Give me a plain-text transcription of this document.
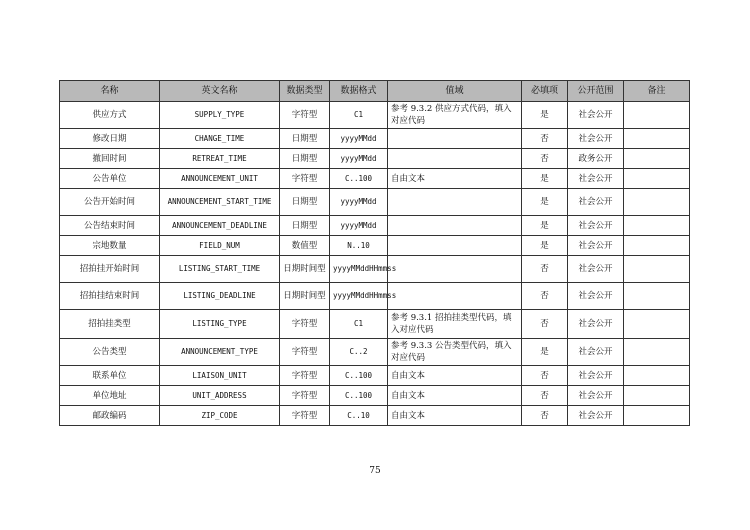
名称	英文名称	数据类型	数据格式	值域	必填项	公开范围	备注
供应方式	SUPPLY_TYPE	字符型	C1	参考 9.3.2 供应方式代码，填入对应代码	是	社会公开	
修改日期	CHANGE_TIME	日期型	yyyyMMdd		否	社会公开	
撤回时间	RETREAT_TIME	日期型	yyyyMMdd		否	政务公开	
公告单位	ANNOUNCEMENT_UNIT	字符型	C..100	自由文本	是	社会公开	
公告开始时间	ANNOUNCEMENT_START_TIME	日期型	yyyyMMdd		是	社会公开	
公告结束时间	ANNOUNCEMENT_DEADLINE	日期型	yyyyMMdd		是	社会公开	
宗地数量	FIELD_NUM	数值型	N..10		是	社会公开	
招拍挂开始时间	LISTING_START_TIME	日期时间型	yyyyMMddHHmmss		否	社会公开	
招拍挂结束时间	LISTING_DEADLINE	日期时间型	yyyyMMddHHmmss		否	社会公开	
招拍挂类型	LISTING_TYPE	字符型	C1	参考 9.3.1 招拍挂类型代码，填入对应代码	否	社会公开	
公告类型	ANNOUNCEMENT_TYPE	字符型	C..2	参考 9.3.3 公告类型代码，填入对应代码	是	社会公开	
联系单位	LIAISON_UNIT	字符型	C..100	自由文本	否	社会公开	
单位地址	UNIT_ADDRESS	字符型	C..100	自由文本	否	社会公开	
邮政编码	ZIP_CODE	字符型	C..10	自由文本	否	社会公开	
75
